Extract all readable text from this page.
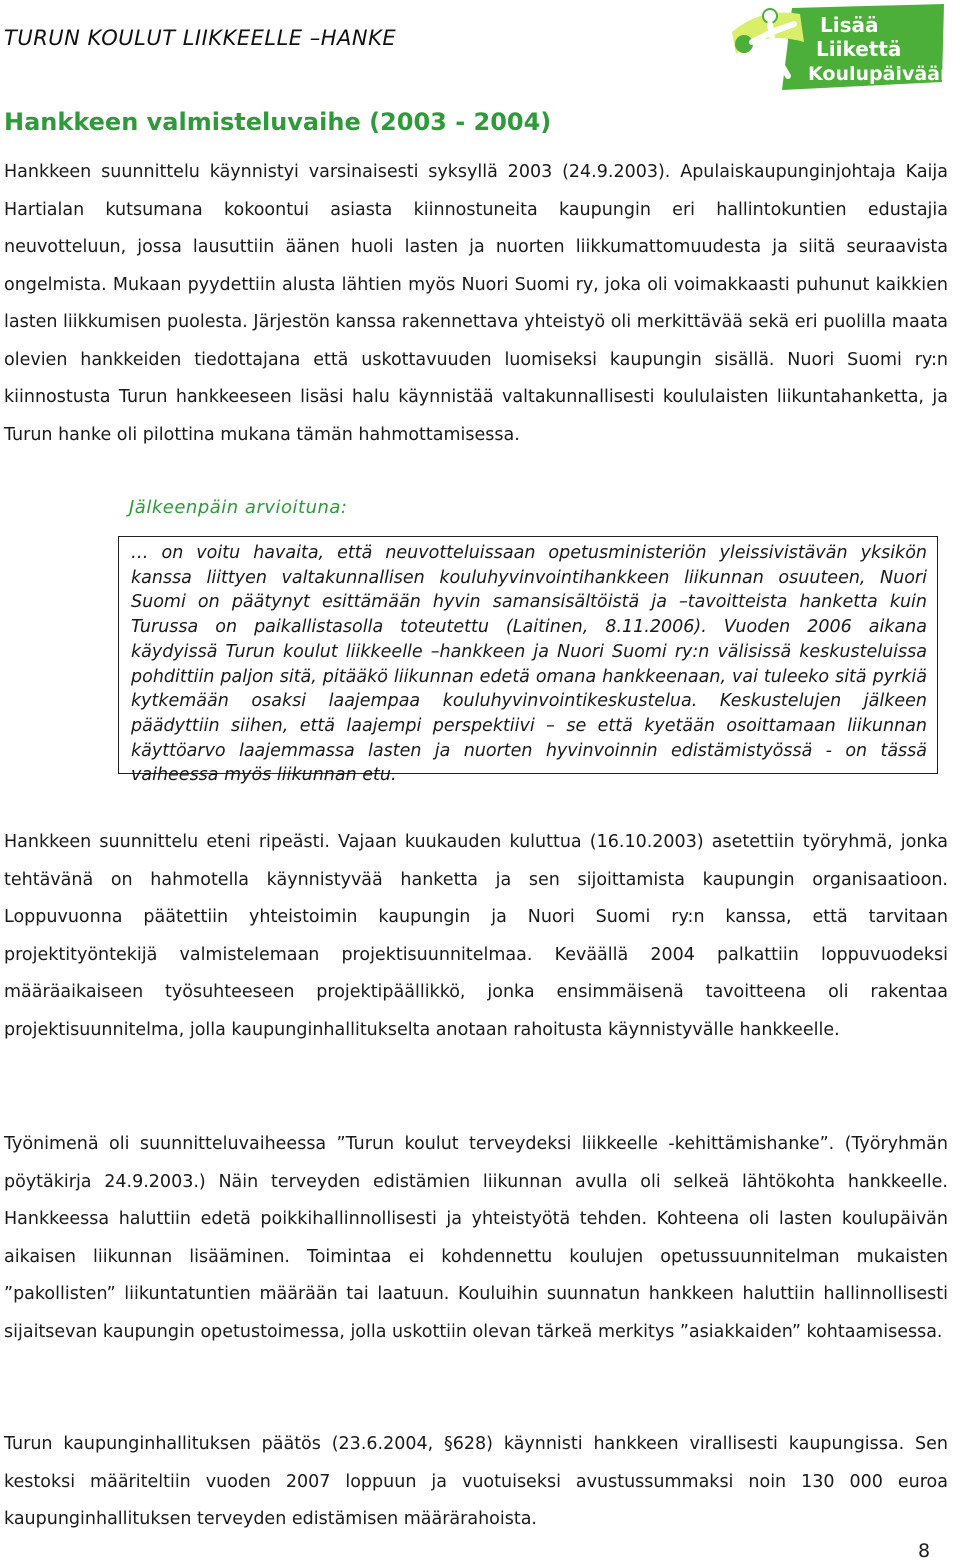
TURUN KOULUT LIIKKEELLE –HANKE
Lisää
Liikettä
Koulupäivään
Hankkeen valmisteluvaihe (2003 - 2004)

Hankkeen suunnittelu käynnistyi varsinaisesti syksyllä 2003 (24.9.2003). Apulaiskaupunginjohtaja Kaija Hartialan kutsumana kokoontui asiasta kiinnostuneita kaupungin eri hallintokuntien edustajia neuvotteluun, jossa lausuttiin äänen huoli lasten ja nuorten liikkumattomuudesta ja siitä seuraavista ongelmista. Mukaan pyydettiin alusta lähtien myös Nuori Suomi ry, joka oli voimakkaasti puhunut kaikkien lasten liikkumisen puolesta. Järjestön kanssa rakennettava yhteistyö oli merkittävää sekä eri puolilla maata olevien hankkeiden tiedottajana että uskottavuuden luomiseksi kaupungin sisällä. Nuori Suomi ry:n kiinnostusta Turun hankkeeseen lisäsi halu käynnistää valtakunnallisesti koululaisten liikuntahanketta, ja Turun hanke oli pilottina mukana tämän hahmottamisessa.

Jälkeenpäin arvioituna:

… on voitu havaita, että neuvotteluissaan opetusministeriön yleissivistävän yksikön kanssa liittyen valtakunnallisen kouluhyvinvointihankkeen liikunnan osuuteen, Nuori Suomi on päätynyt esittämään hyvin samansisältöistä ja –tavoitteista hanketta kuin Turussa on paikallistasolla toteutettu (Laitinen, 8.11.2006). Vuoden 2006 aikana käydyissä Turun koulut liikkeelle –hankkeen ja Nuori Suomi ry:n välisissä keskusteluissa pohdittiin paljon sitä, pitääkö liikunnan edetä omana hankkeenaan, vai tuleeko sitä pyrkiä kytkemään osaksi laajempaa kouluhyvinvointikeskustelua. Keskustelujen jälkeen päädyttiin siihen, että laajempi perspektiivi – se että kyetään osoittamaan liikunnan käyttöarvo laajemmassa lasten ja nuorten hyvinvoinnin edistämistyössä - on tässä vaiheessa myös liikunnan etu.

Hankkeen suunnittelu eteni ripeästi. Vajaan kuukauden kuluttua (16.10.2003) asetettiin työryhmä, jonka tehtävänä on hahmotella käynnistyvää hanketta ja sen sijoittamista kaupungin organisaatioon. Loppuvuonna päätettiin yhteistoimin kaupungin ja Nuori Suomi ry:n kanssa, että tarvitaan projektityöntekijä valmistelemaan projektisuunnitelmaa. Keväällä 2004 palkattiin loppuvuodeksi määräaikaiseen työsuhteeseen projektipäällikkö, jonka ensimmäisenä tavoitteena oli rakentaa projektisuunnitelma, jolla kaupunginhallitukselta anotaan rahoitusta käynnistyvälle hankkeelle.

Työnimenä oli suunnitteluvaiheessa ”Turun koulut terveydeksi liikkeelle -kehittämishanke”. (Työryhmän pöytäkirja 24.9.2003.) Näin terveyden edistämien liikunnan avulla oli selkeä lähtökohta hankkeelle. Hankkeessa haluttiin edetä poikkihallinnollisesti ja yhteistyötä tehden. Kohteena oli lasten koulupäivän aikaisen liikunnan lisääminen. Toimintaa ei kohdennettu koulujen opetussuunnitelman mukaisten ”pakollisten” liikuntatuntien määrään tai laatuun. Kouluihin suunnatun hankkeen haluttiin hallinnollisesti sijaitsevan kaupungin opetustoimessa, jolla uskottiin olevan tärkeä merkitys ”asiakkaiden” kohtaamisessa.

Turun kaupunginhallituksen päätös (23.6.2004, §628) käynnisti hankkeen virallisesti kaupungissa. Sen kestoksi määriteltiin vuoden 2007 loppuun ja vuotuiseksi avustussummaksi noin 130 000 euroa kaupunginhallituksen terveyden edistämisen määrärahoista.

8
